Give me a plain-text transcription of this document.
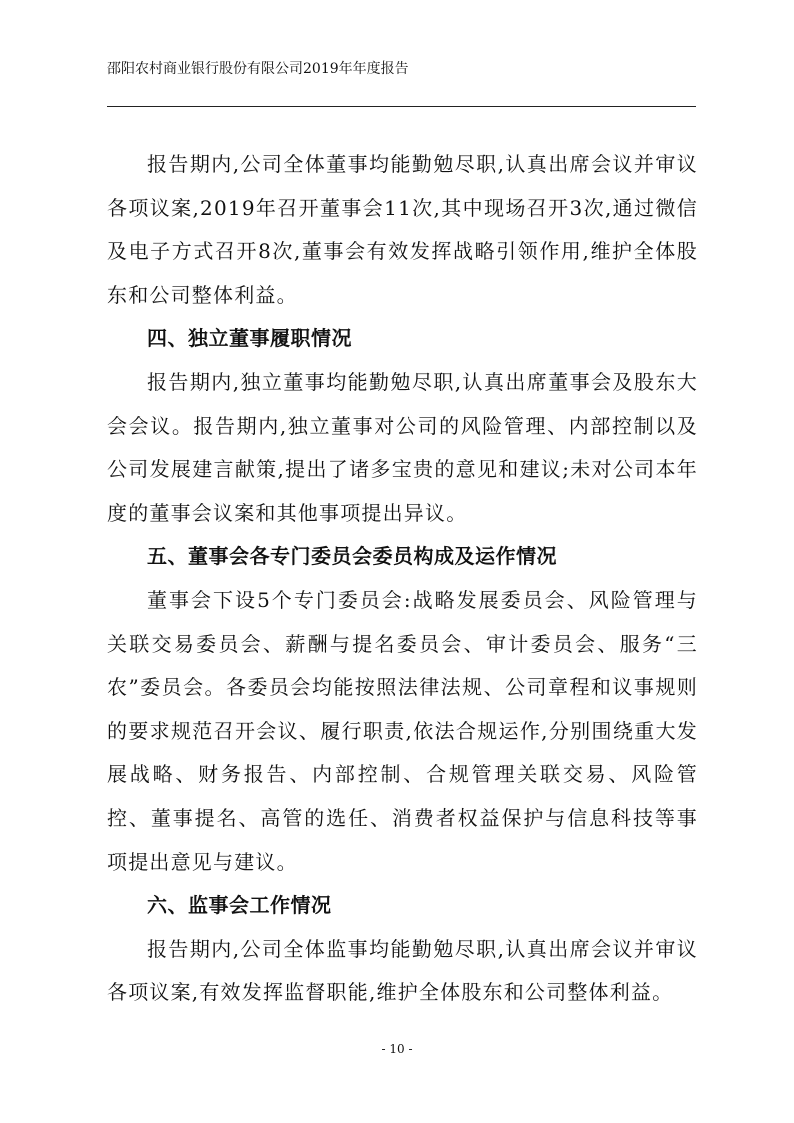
邵阳农村商业银行股份有限公司2019年年度报告

报告期内,公司全体董事均能勤勉尽职,认真出席会议并审议各项议案,2019年召开董事会11次,其中现场召开3次,通过微信及电子方式召开8次,董事会有效发挥战略引领作用,维护全体股东和公司整体利益。

四、独立董事履职情况

报告期内,独立董事均能勤勉尽职,认真出席董事会及股东大会会议。报告期内,独立董事对公司的风险管理、内部控制以及公司发展建言献策,提出了诸多宝贵的意见和建议;未对公司本年度的董事会议案和其他事项提出异议。

五、董事会各专门委员会委员构成及运作情况

董事会下设5个专门委员会:战略发展委员会、风险管理与关联交易委员会、薪酬与提名委员会、审计委员会、服务“三农”委员会。各委员会均能按照法律法规、公司章程和议事规则的要求规范召开会议、履行职责,依法合规运作,分别围绕重大发展战略、财务报告、内部控制、合规管理关联交易、风险管控、董事提名、高管的选任、消费者权益保护与信息科技等事项提出意见与建议。

六、监事会工作情况

报告期内,公司全体监事均能勤勉尽职,认真出席会议并审议各项议案,有效发挥监督职能,维护全体股东和公司整体利益。

- 10 -
